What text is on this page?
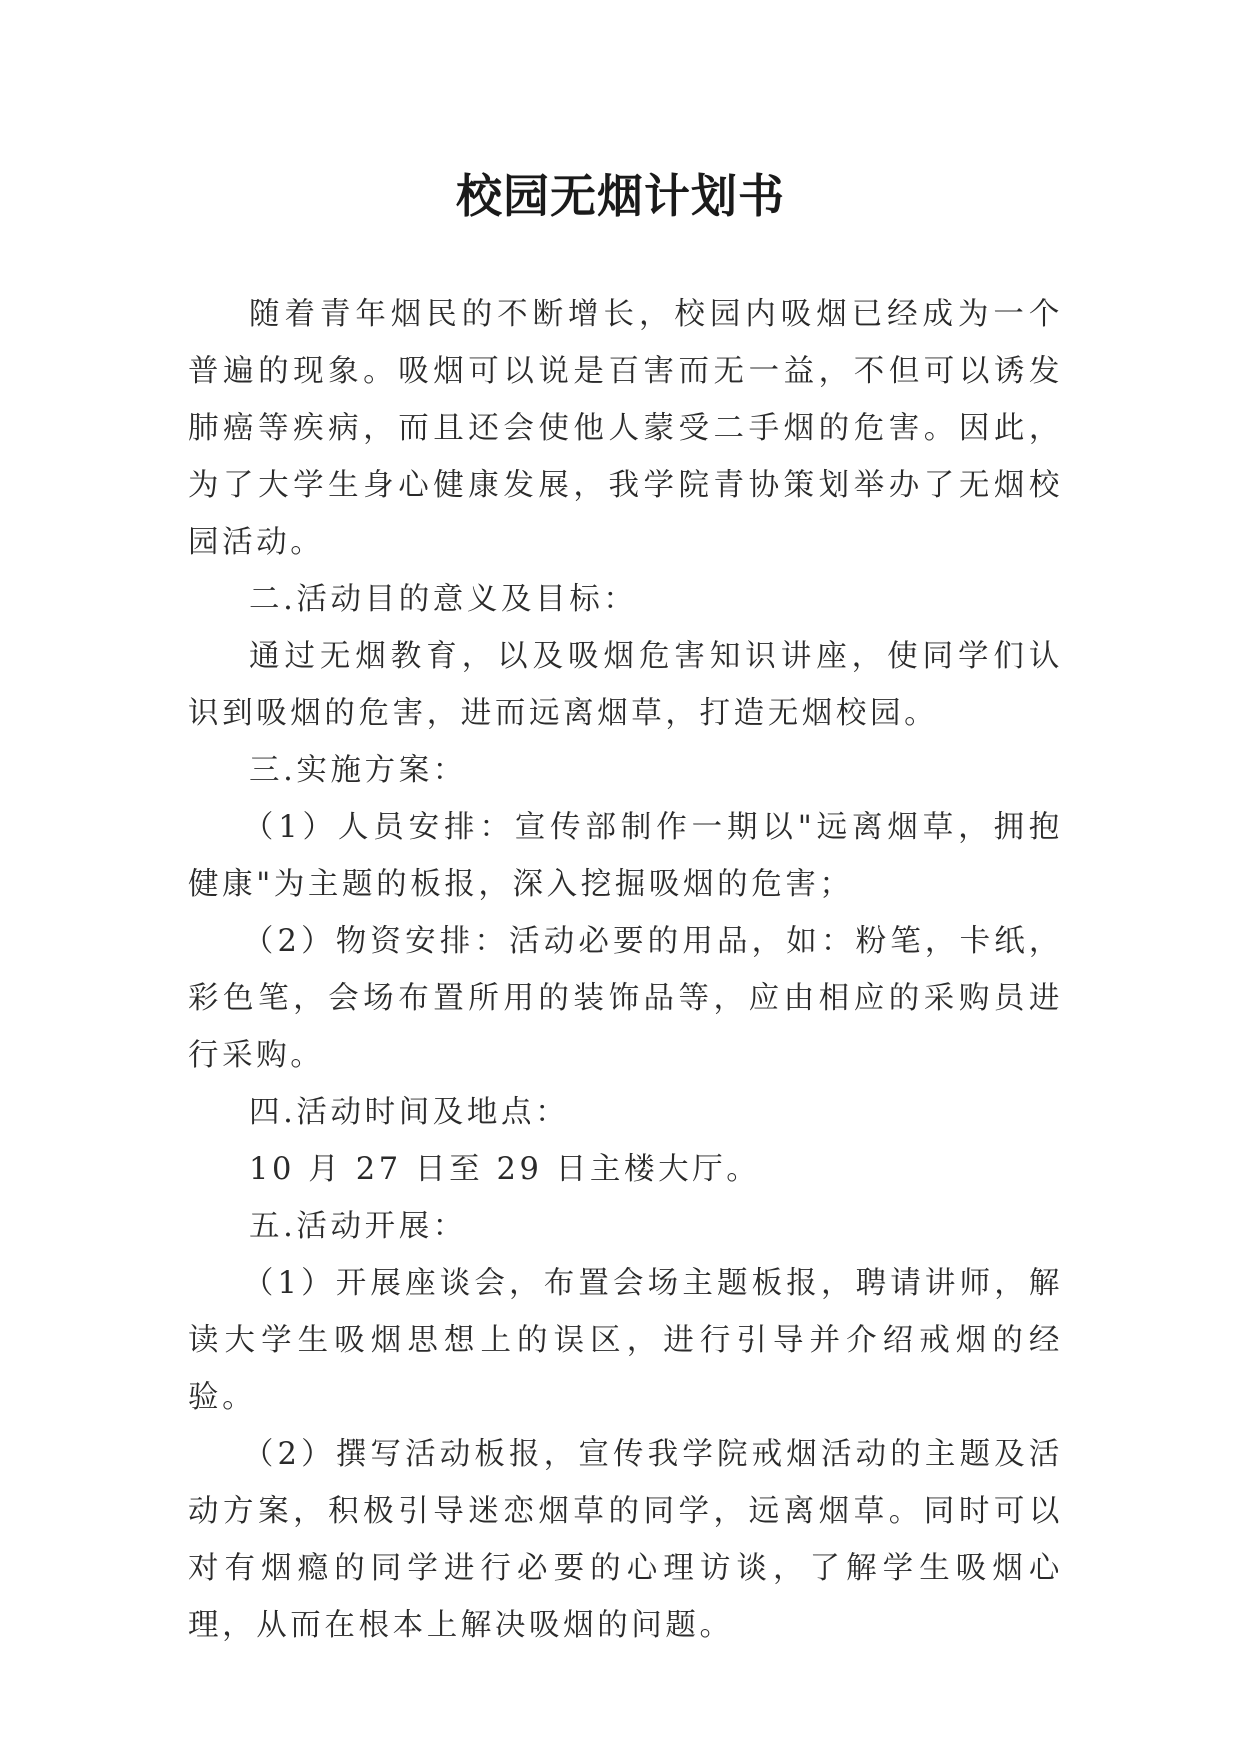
校园无烟计划书

随着青年烟民的不断增长，校园内吸烟已经成为一个普遍的现象。吸烟可以说是百害而无一益，不但可以诱发肺癌等疾病，而且还会使他人蒙受二手烟的危害。因此，为了大学生身心健康发展，我学院青协策划举办了无烟校园活动。

二.活动目的意义及目标：

通过无烟教育，以及吸烟危害知识讲座，使同学们认识到吸烟的危害，进而远离烟草，打造无烟校园。

三.实施方案：

（1）人员安排：宣传部制作一期以"远离烟草，拥抱健康"为主题的板报，深入挖掘吸烟的危害；

（2）物资安排：活动必要的用品，如：粉笔，卡纸，彩色笔，会场布置所用的装饰品等，应由相应的采购员进行采购。

四.活动时间及地点：

10 月 27 日至 29 日主楼大厅。

五.活动开展：

（1）开展座谈会，布置会场主题板报，聘请讲师，解读大学生吸烟思想上的误区，进行引导并介绍戒烟的经验。

（2）撰写活动板报，宣传我学院戒烟活动的主题及活动方案，积极引导迷恋烟草的同学，远离烟草。同时可以对有烟瘾的同学进行必要的心理访谈，了解学生吸烟心理，从而在根本上解决吸烟的问题。
